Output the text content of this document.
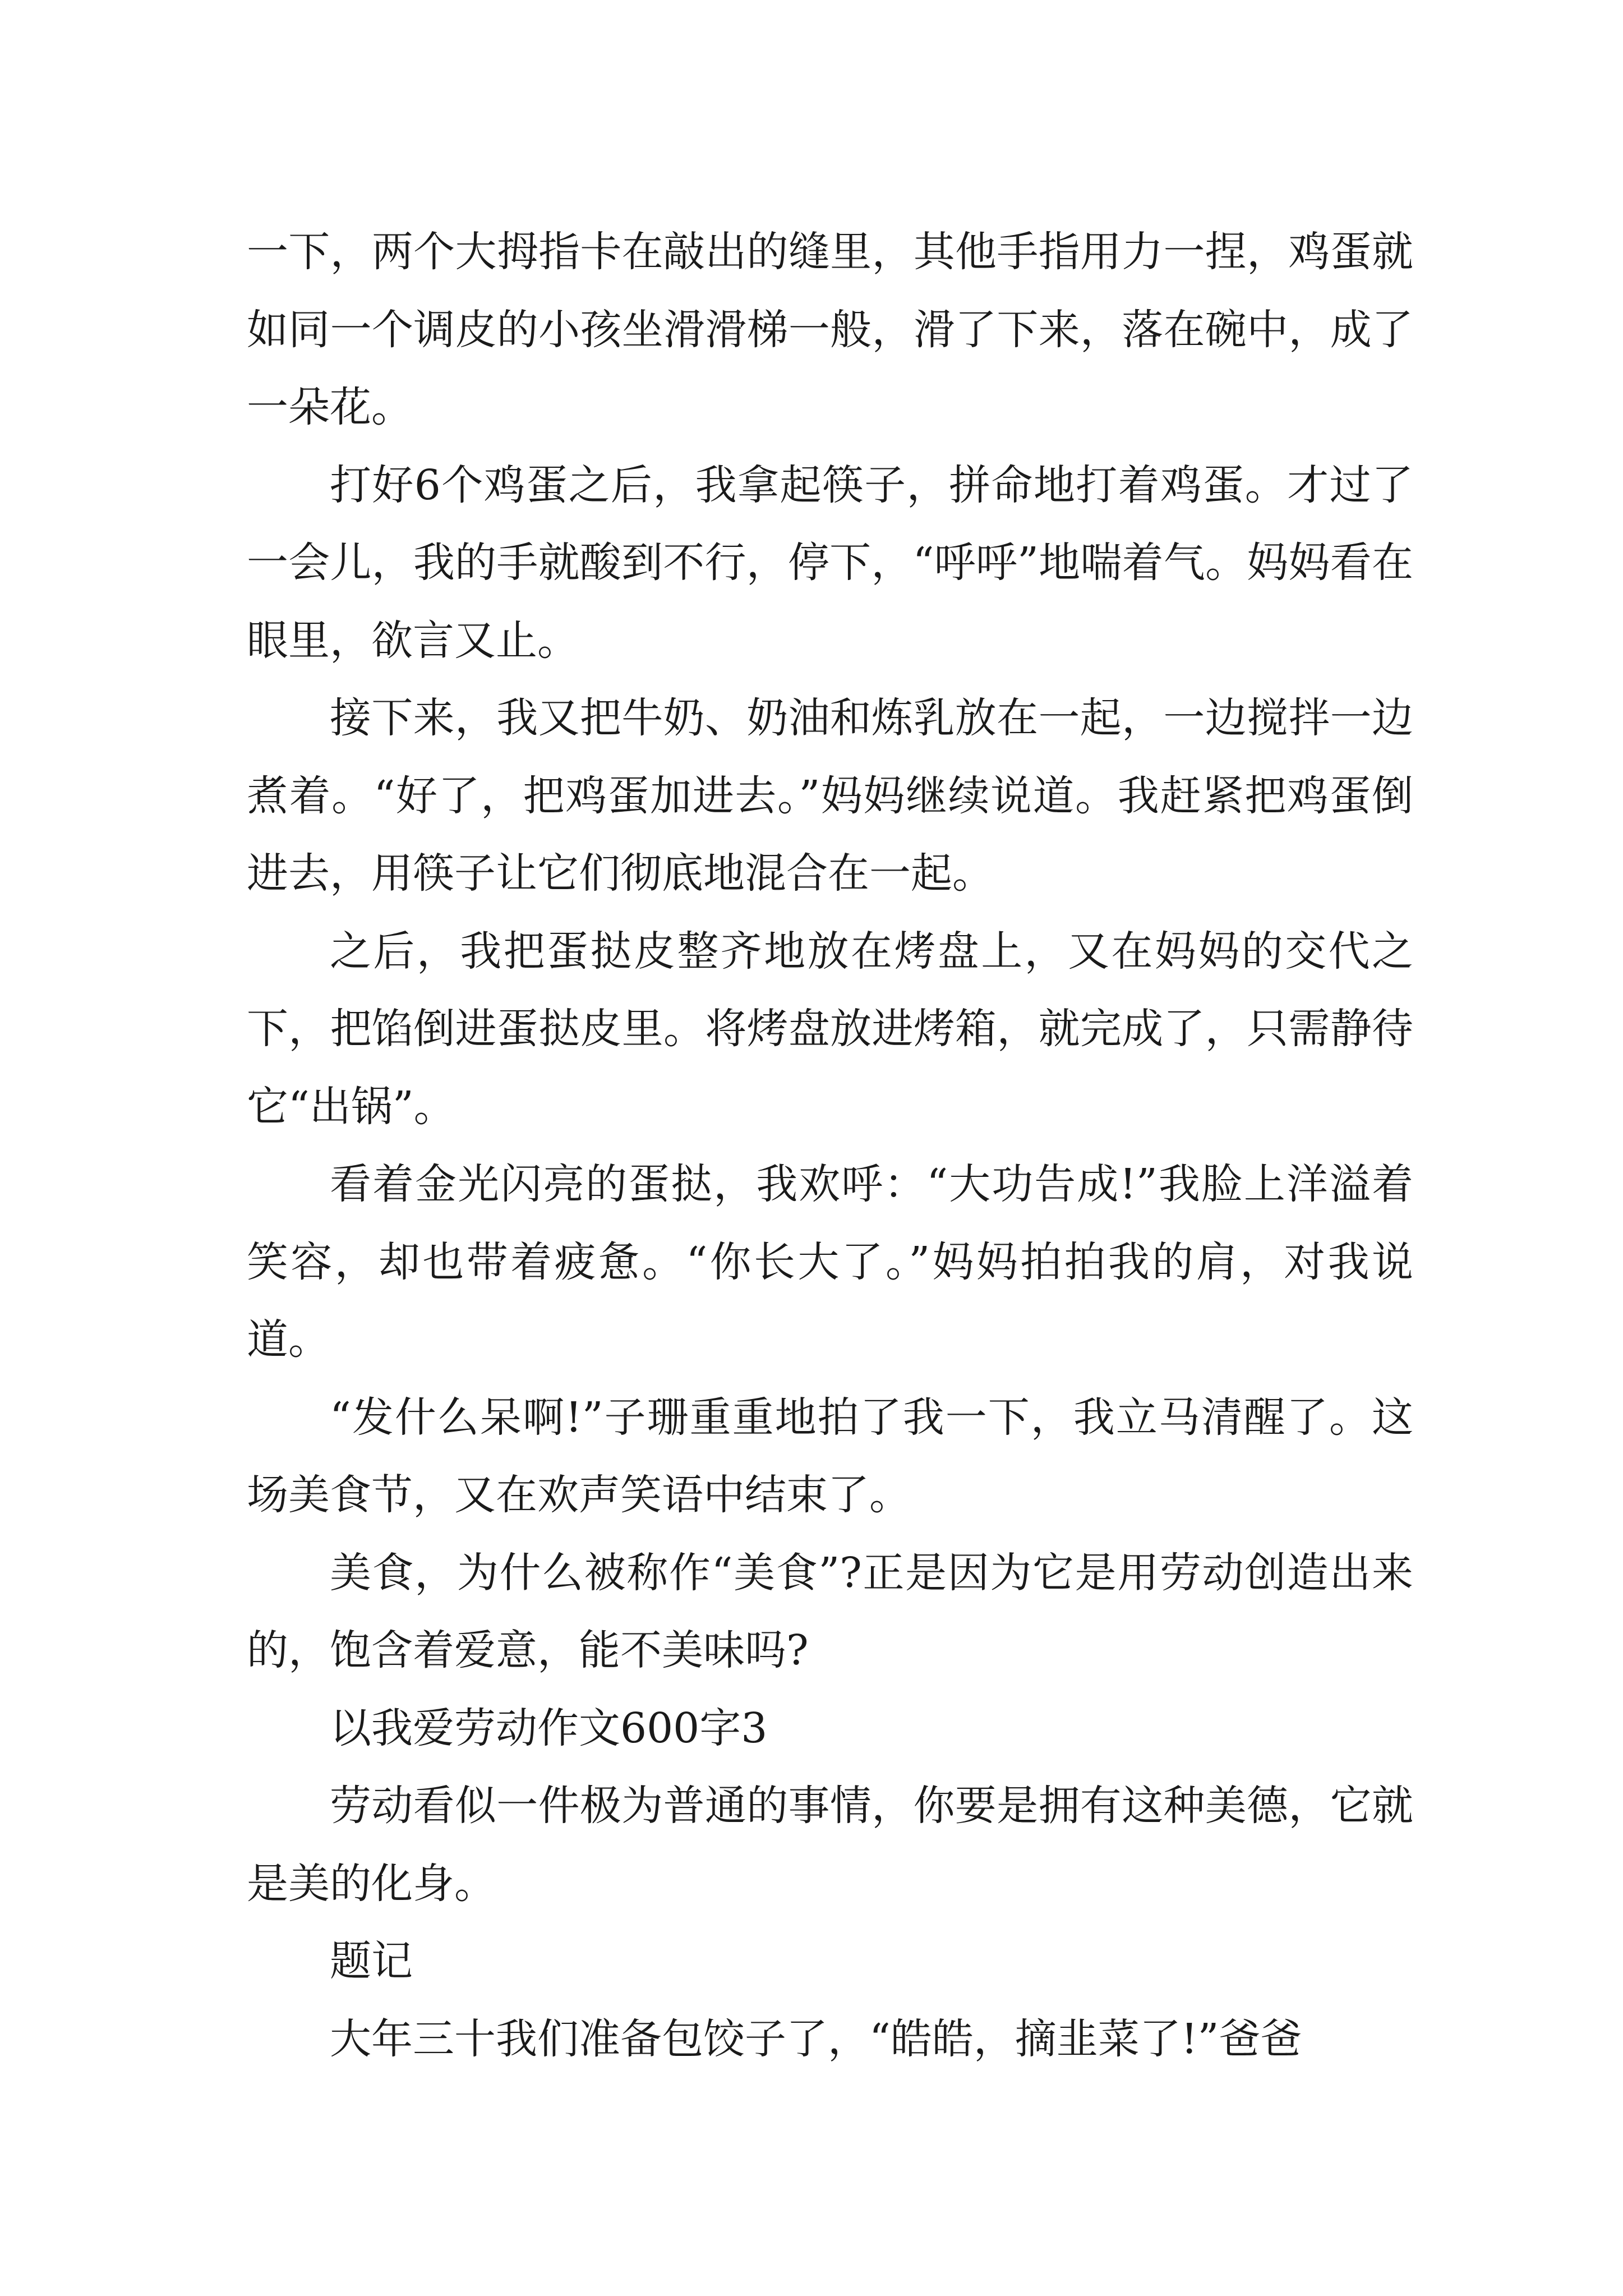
一下，两个大拇指卡在敲出的缝里，其他手指用力一捏，鸡蛋就如同一个调皮的小孩坐滑滑梯一般，滑了下来，落在碗中，成了一朵花。

打好6个鸡蛋之后，我拿起筷子，拼命地打着鸡蛋。才过了一会儿，我的手就酸到不行，停下，“呼呼”地喘着气。妈妈看在眼里，欲言又止。

接下来，我又把牛奶、奶油和炼乳放在一起，一边搅拌一边煮着。“好了，把鸡蛋加进去。”妈妈继续说道。我赶紧把鸡蛋倒进去，用筷子让它们彻底地混合在一起。

之后，我把蛋挞皮整齐地放在烤盘上，又在妈妈的交代之下，把馅倒进蛋挞皮里。将烤盘放进烤箱，就完成了，只需静待它“出锅”。

看着金光闪亮的蛋挞，我欢呼：“大功告成!”我脸上洋溢着笑容，却也带着疲惫。“你长大了。”妈妈拍拍我的肩，对我说道。

“发什么呆啊!”子珊重重地拍了我一下，我立马清醒了。这场美食节，又在欢声笑语中结束了。

美食，为什么被称作“美食”?正是因为它是用劳动创造出来的，饱含着爱意，能不美味吗?

以我爱劳动作文600字3

劳动看似一件极为普通的事情，你要是拥有这种美德，它就是美的化身。

题记

大年三十我们准备包饺子了，“皓皓，摘韭菜了!”爸爸
